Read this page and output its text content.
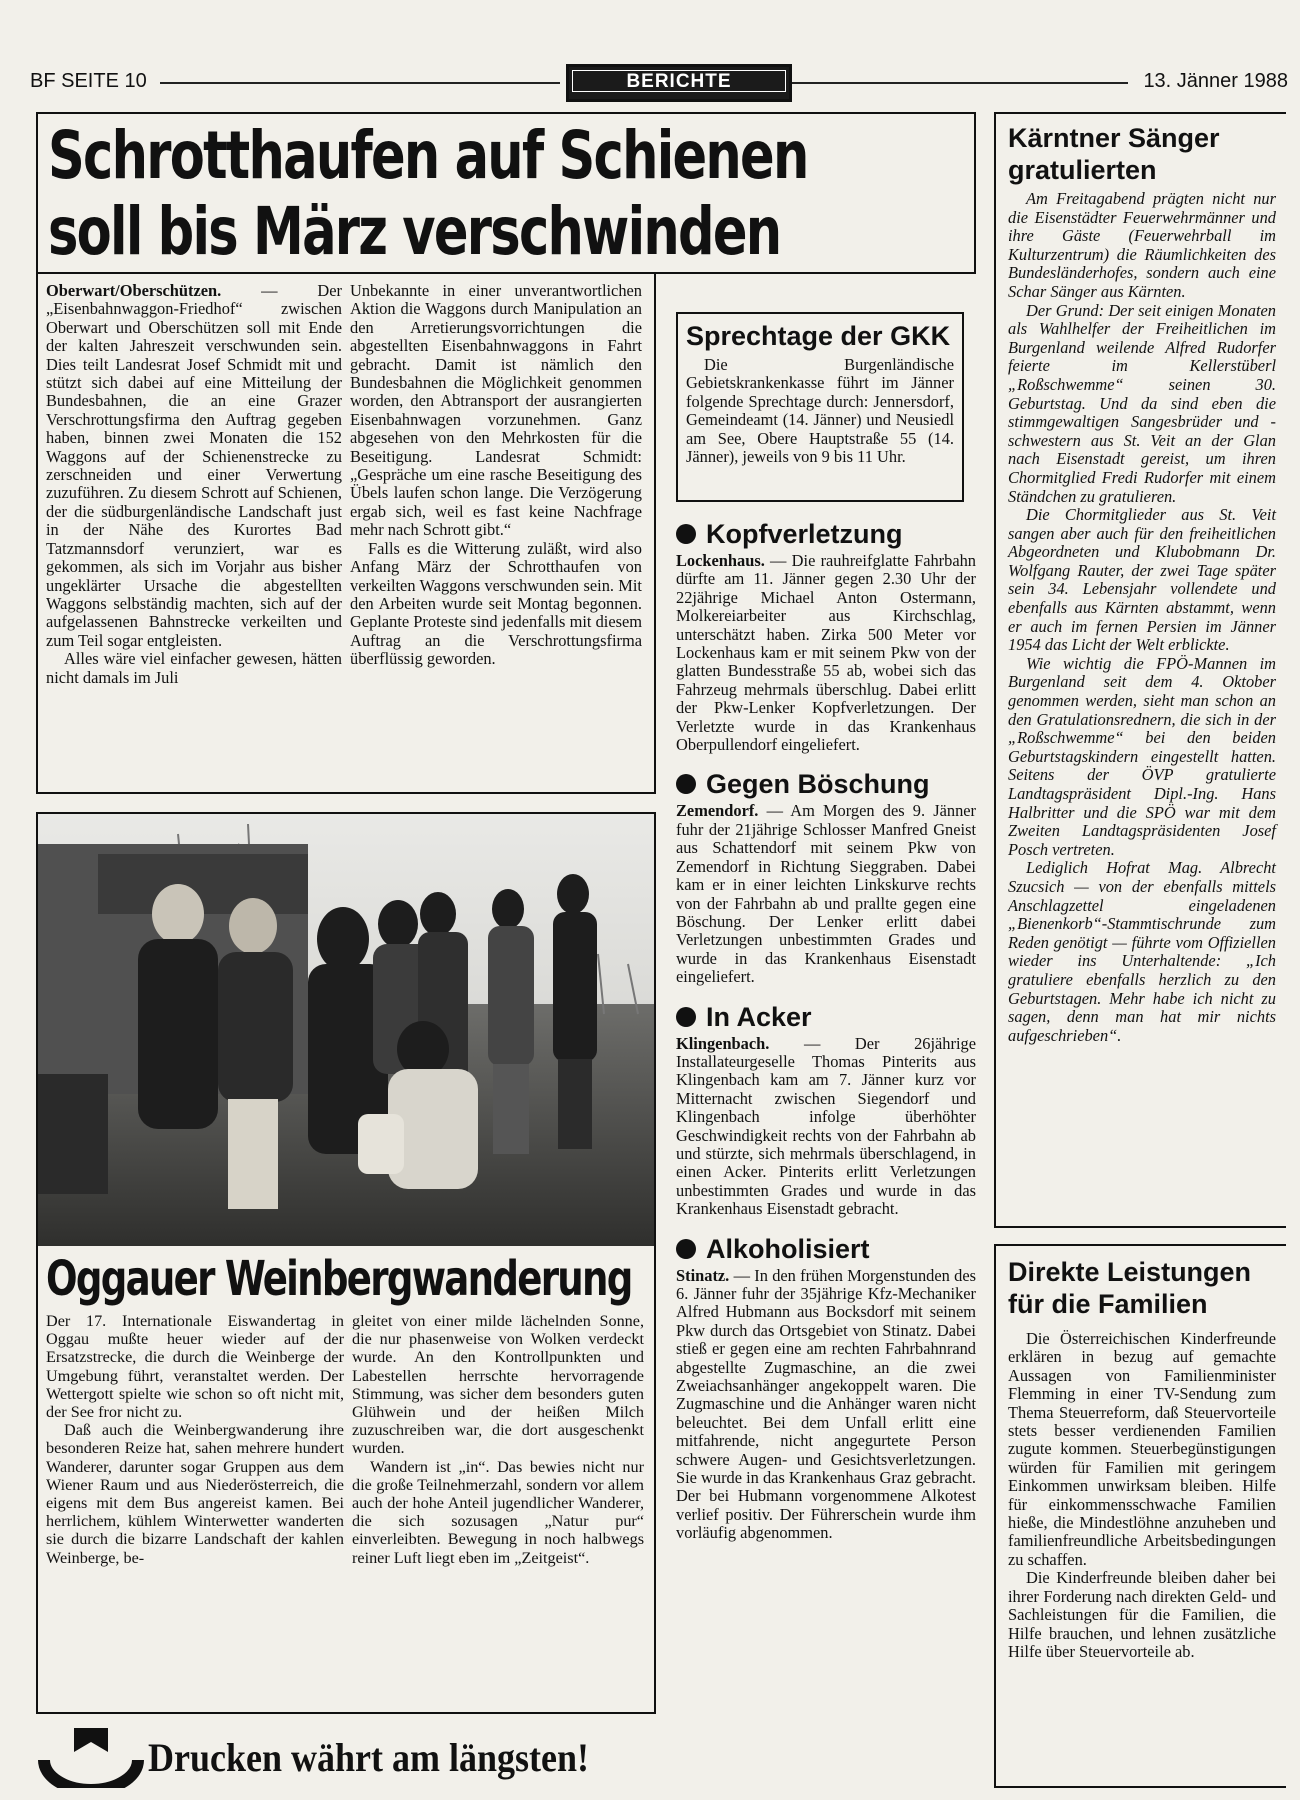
BF SEITE 10	BERICHTE	13. Jänner 1988
Schrotthaufen auf Schienen
soll bis März verschwinden

Oberwart/Oberschützen. — Der „Eisenbahnwaggon-Friedhof“ zwischen Oberwart und Oberschützen soll mit Ende der kalten Jahreszeit verschwunden sein. Dies teilt Landesrat Josef Schmidt mit und stützt sich dabei auf eine Mitteilung der Bundesbahnen, die an eine Grazer Verschrottungsfirma den Auftrag gegeben haben, binnen zwei Monaten die 152 Waggons auf der Schienenstrecke zu zerschneiden und einer Verwertung zuzuführen. Zu diesem Schrott auf Schienen, der die südburgenländische Landschaft just in der Nähe des Kurortes Bad Tatzmannsdorf verunziert, war es gekommen, als sich im Vorjahr aus bisher ungeklärter Ursache die abgestellten Waggons selbständig machten, sich auf der aufgelassenen Bahnstrecke verkeilten und zum Teil sogar entgleisten.

Alles wäre viel einfacher gewesen, hätten nicht damals im Juli

Unbekannte in einer unverantwortlichen Aktion die Waggons durch Manipulation an den Arretierungsvorrichtungen die abgestellten Eisenbahnwaggons in Fahrt gebracht. Damit ist nämlich den Bundesbahnen die Möglichkeit genommen worden, den Abtransport der ausrangierten Eisenbahnwagen vorzunehmen. Ganz abgesehen von den Mehrkosten für die Beseitigung. Landesrat Schmidt: „Gespräche um eine rasche Beseitigung des Übels laufen schon lange. Die Verzögerung ergab sich, weil es fast keine Nachfrage mehr nach Schrott gibt.“

Falls es die Witterung zuläßt, wird also Anfang März der Schrotthaufen von verkeilten Waggons verschwunden sein. Mit den Arbeiten wurde seit Montag begonnen. Geplante Proteste sind jedenfalls mit diesem Auftrag an die Verschrottungsfirma überflüssig geworden.

Sprechtage der GKK

Die Burgenländische Gebietskrankenkasse führt im Jänner folgende Sprechtage durch: Jennersdorf, Gemeindeamt (14. Jänner) und Neusiedl am See, Obere Hauptstraße 55 (14. Jänner), jeweils von 9 bis 11 Uhr.

Kopfverletzung

Lockenhaus. — Die rauhreifglatte Fahrbahn dürfte am 11. Jänner gegen 2.30 Uhr der 22jährige Michael Anton Ostermann, Molkereiarbeiter aus Kirchschlag, unterschätzt haben. Zirka 500 Meter vor Lockenhaus kam er mit seinem Pkw von der glatten Bundesstraße 55 ab, wobei sich das Fahrzeug mehrmals überschlug. Dabei erlitt der Pkw-Lenker Kopfverletzungen. Der Verletzte wurde in das Krankenhaus Oberpullendorf eingeliefert.

Gegen Böschung

Zemendorf. — Am Morgen des 9. Jänner fuhr der 21jährige Schlosser Manfred Gneist aus Schattendorf mit seinem Pkw von Zemendorf in Richtung Sieggraben. Dabei kam er in einer leichten Linkskurve rechts von der Fahrbahn ab und prallte gegen eine Böschung. Der Lenker erlitt dabei Verletzungen unbestimmten Grades und wurde in das Krankenhaus Eisenstadt eingeliefert.

In Acker

Klingenbach. — Der 26jährige Installateurgeselle Thomas Pinterits aus Klingenbach kam am 7. Jänner kurz vor Mitternacht zwischen Siegendorf und Klingenbach infolge überhöhter Geschwindigkeit rechts von der Fahrbahn ab und stürzte, sich mehrmals überschlagend, in einen Acker. Pinterits erlitt Verletzungen unbestimmten Grades und wurde in das Krankenhaus Eisenstadt gebracht.

Alkoholisiert

Stinatz. — In den frühen Morgenstunden des 6. Jänner fuhr der 35jährige Kfz-Mechaniker Alfred Hubmann aus Bocksdorf mit seinem Pkw durch das Ortsgebiet von Stinatz. Dabei stieß er gegen eine am rechten Fahrbahnrand abgestellte Zugmaschine, an die zwei Zweiachsanhänger angekoppelt waren. Die Zugmaschine und die Anhänger waren nicht beleuchtet. Bei dem Unfall erlitt eine mitfahrende, nicht angegurtete Person schwere Augen- und Gesichtsverletzungen. Sie wurde in das Krankenhaus Graz gebracht. Der bei Hubmann vorgenommene Alkotest verlief positiv. Der Führerschein wurde ihm vorläufig abgenommen.

Kärntner Sänger gratulierten

Am Freitagabend prägten nicht nur die Eisenstädter Feuerwehrmänner und ihre Gäste (Feuerwehrball im Kulturzentrum) die Räumlichkeiten des Bundesländerhofes, sondern auch eine Schar Sänger aus Kärnten.

Der Grund: Der seit einigen Monaten als Wahlhelfer der Freiheitlichen im Burgenland weilende Alfred Rudorfer feierte im Kellerstüberl „Roßschwemme“ seinen 30. Geburtstag. Und da sind eben die stimmgewaltigen Sangesbrüder und -schwestern aus St. Veit an der Glan nach Eisenstadt gereist, um ihren Chormitglied Fredi Rudorfer mit einem Ständchen zu gratulieren.

Die Chormitglieder aus St. Veit sangen aber auch für den freiheitlichen Abgeordneten und Klubobmann Dr. Wolfgang Rauter, der zwei Tage später sein 34. Lebensjahr vollendete und ebenfalls aus Kärnten abstammt, wenn er auch im fernen Persien im Jänner 1954 das Licht der Welt erblickte.

Wie wichtig die FPÖ-Mannen im Burgenland seit dem 4. Oktober genommen werden, sieht man schon an den Gratulationsrednern, die sich in der „Roßschwemme“ bei den beiden Geburtstagskindern eingestellt hatten. Seitens der ÖVP gratulierte Landtagspräsident Dipl.-Ing. Hans Halbritter und die SPÖ war mit dem Zweiten Landtagspräsidenten Josef Posch vertreten.

Lediglich Hofrat Mag. Albrecht Szucsich — von der ebenfalls mittels Anschlagzettel eingeladenen „Bienenkorb“-Stammtischrunde zum Reden genötigt — führte vom Offiziellen wieder ins Unterhaltende: „Ich gratuliere ebenfalls herzlich zu den Geburtstagen. Mehr habe ich nicht zu sagen, denn man hat mir nichts aufgeschrieben“.

Direkte Leistungen für die Familien

Die Österreichischen Kinderfreunde erklären in bezug auf gemachte Aussagen von Familienminister Flemming in einer TV-Sendung zum Thema Steuerreform, daß Steuervorteile stets besser verdienenden Familien zugute kommen. Steuerbegünstigungen würden für Familien mit geringem Einkommen unwirksam bleiben. Hilfe für einkommensschwache Familien hieße, die Mindestlöhne anzuheben und familienfreundliche Arbeitsbedingungen zu schaffen.

Die Kinderfreunde bleiben daher bei ihrer Forderung nach direkten Geld- und Sachleistungen für die Familien, die Hilfe brauchen, und lehnen zusätzliche Hilfe über Steuervorteile ab.

Oggauer Weinbergwanderung

Der 17. Internationale Eiswandertag in Oggau mußte heuer wieder auf der Ersatzstrecke, die durch die Weinberge der Umgebung führt, veranstaltet werden. Der Wettergott spielte wie schon so oft nicht mit, der See fror nicht zu.

Daß auch die Weinbergwanderung ihre besonderen Reize hat, sahen mehrere hundert Wanderer, darunter sogar Gruppen aus dem Wiener Raum und aus Niederösterreich, die eigens mit dem Bus angereist kamen. Bei herrlichem, kühlem Winterwetter wanderten sie durch die bizarre Landschaft der kahlen Weinberge, be-

gleitet von einer milde lächelnden Sonne, die nur phasenweise von Wolken verdeckt wurde. An den Kontrollpunkten und Labestellen herrschte hervorragende Stimmung, was sicher dem besonders guten Glühwein und der heißen Milch zuzuschreiben war, die dort ausgeschenkt wurden.

Wandern ist „in“. Das bewies nicht nur die große Teilnehmerzahl, sondern vor allem auch der hohe Anteil jugendlicher Wanderer, die sich sozusagen „Natur pur“ einverleibten. Bewegung in noch halbwegs reiner Luft liegt eben im „Zeitgeist“.

Drucken währt am längsten!
